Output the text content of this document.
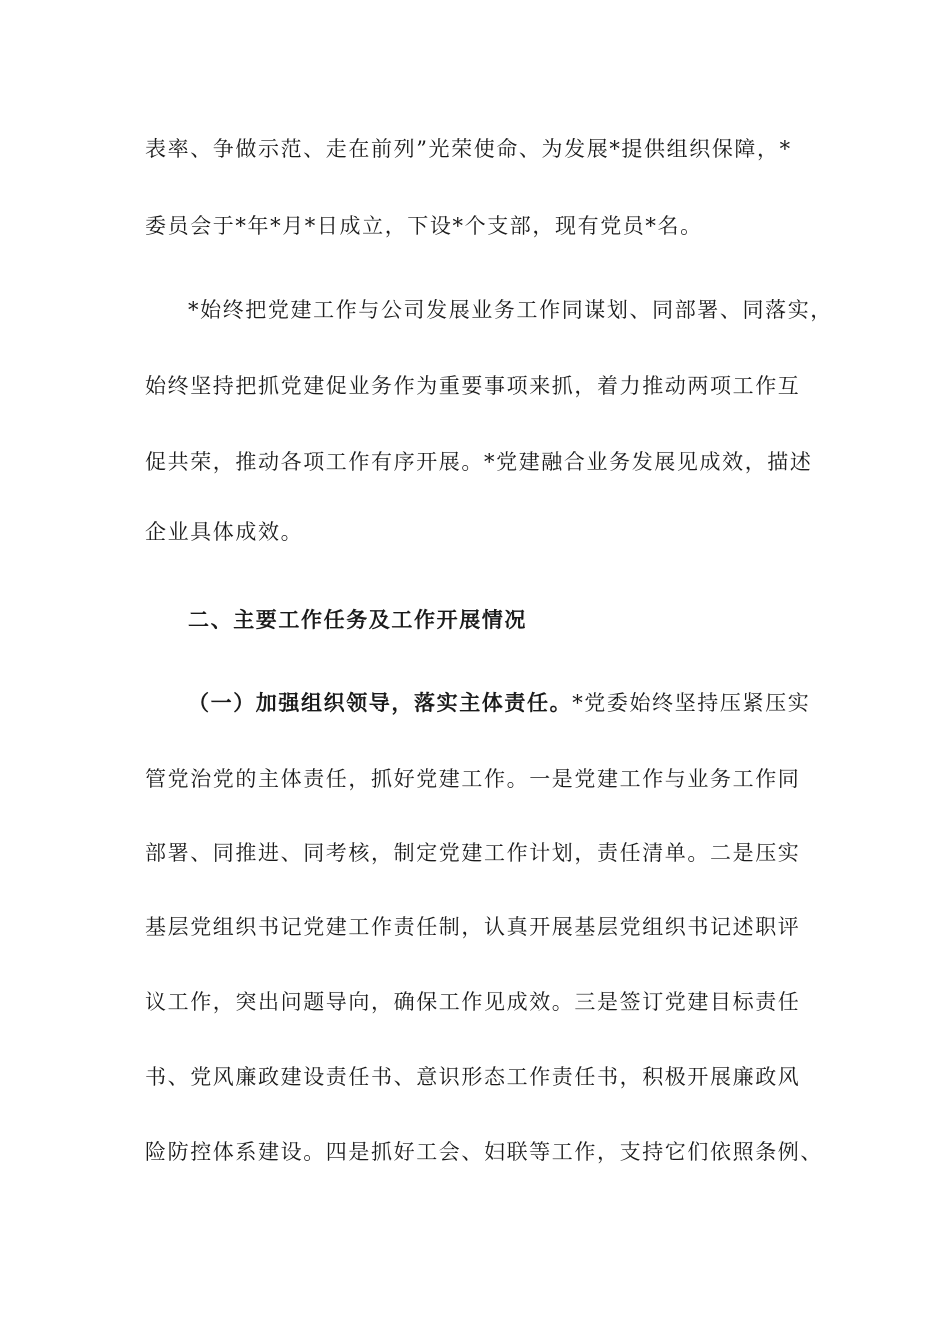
表率、争做示范、走在前列”光荣使命、为发展*提供组织保障，*
委员会于*年*月*日成立，下设*个支部，现有党员*名。
*始终把党建工作与公司发展业务工作同谋划、同部署、同落实，
始终坚持把抓党建促业务作为重要事项来抓，着力推动两项工作互
促共荣，推动各项工作有序开展。*党建融合业务发展见成效，描述
企业具体成效。
二、主要工作任务及工作开展情况
（一）加强组织领导，落实主体责任。*党委始终坚持压紧压实
管党治党的主体责任，抓好党建工作。一是党建工作与业务工作同
部署、同推进、同考核，制定党建工作计划，责任清单。二是压实
基层党组织书记党建工作责任制，认真开展基层党组织书记述职评
议工作，突出问题导向，确保工作见成效。三是签订党建目标责任
书、党风廉政建设责任书、意识形态工作责任书，积极开展廉政风
险防控体系建设。四是抓好工会、妇联等工作，支持它们依照条例、
